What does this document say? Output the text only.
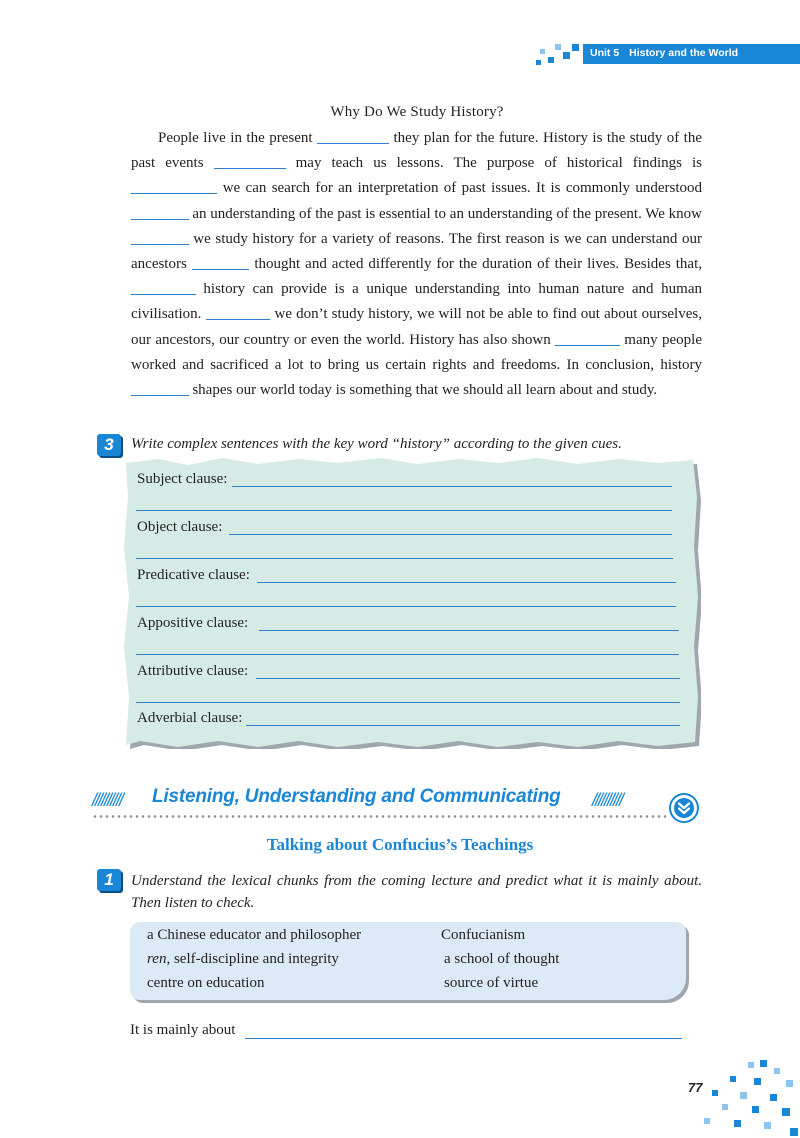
Unit 5 History and the World
Why Do We Study History?

People live in the present	they plan for the future. History is the study of the past events	may teach us lessons. The purpose of historical findings is  we can search for an interpretation of past issues. It is commonly understood  an understanding of the past is essential to an understanding of the present. We know  we study history for a variety of reasons. The first reason is we can understand our ancestors	thought and acted differently for the duration of their lives. Besides that,  history can provide is a unique understanding into human nature and human civilisation.	we don’t study history, we will not be able to find out about ourselves, our ancestors, our country or even the world. History has also shown	many people worked and sacrificed a lot to bring us certain rights and freedoms. In conclusion, history  shapes our world today is something that we should all learn about and study.

3	Write complex sentences with the key word “history” according to the given cues.
Subject clause:
Object clause:
Predicative clause:
Appositive clause:
Attributive clause:
Adverbial clause:
////////// Listening, Understanding and Communicating //////////
Talking about Confucius’s Teachings
1	Understand the lexical chunks from the coming lecture and predict what it is mainly about. Then listen to check.
a Chinese educator and philosopher	Confucianism
ren, self-discipline and integrity	a school of thought
centre on education	source of virtue
It is mainly about
77
